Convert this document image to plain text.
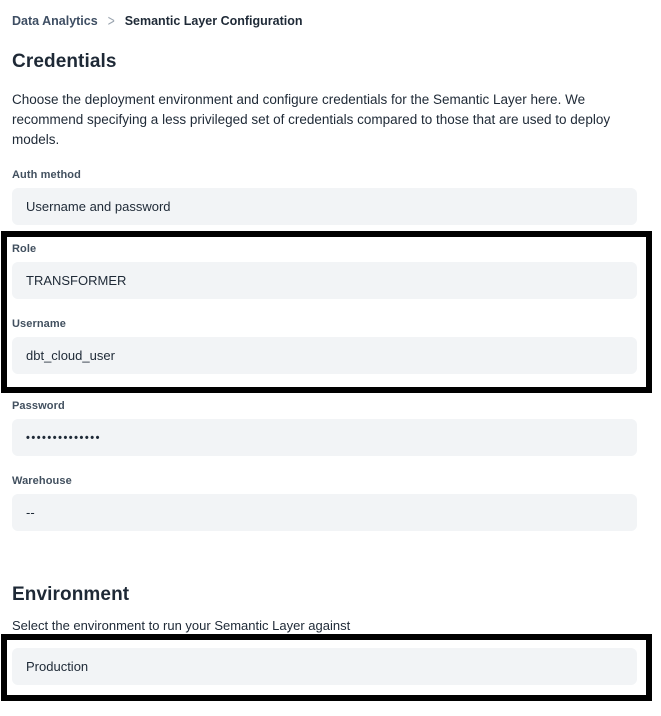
Data Analytics > Semantic Layer Configuration
Credentials

Choose the deployment environment and configure credentials for the Semantic Layer here. We recommend specifying a less privileged set of credentials compared to those that are used to deploy models.

Auth method
Username and password
Role
TRANSFORMER
Username
dbt_cloud_user
Password
••••••••••••••
Warehouse
--
Environment

Select the environment to run your Semantic Layer against

Production
